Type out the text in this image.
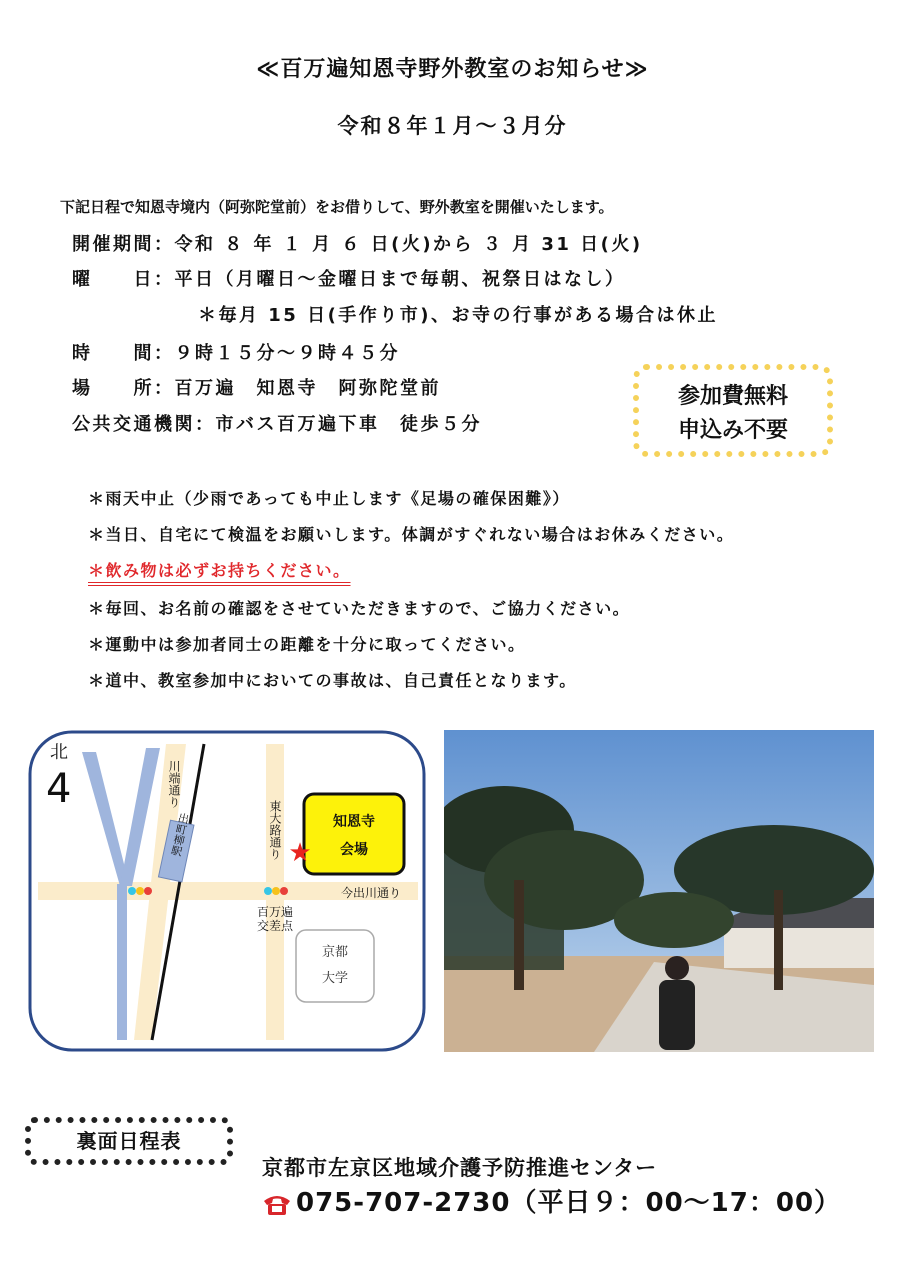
≪百万遍知恩寺野外教室のお知らせ≫
令和８年１月～３月分
下記日程で知恩寺境内（阿弥陀堂前）をお借りして、野外教室を開催いたします。
開催期間：令和 ８ 年 １ 月 ６ 日(火)から ３ 月 31 日(火)
曜　　日：平日（月曜日～金曜日まで毎朝、祝祭日はなし）
＊毎月 15 日(手作り市)、お寺の行事がある場合は休止
時　　間：９時１５分～９時４５分
場　　所：百万遍　知恩寺　阿弥陀堂前
公共交通機関：市バス百万遍下車　徒歩５分
参加費無料
申込み不要
＊雨天中止（少雨であっても中止します《足場の確保困難》）
＊当日、自宅にて検温をお願いします。体調がすぐれない場合はお休みください。
＊飲み物は必ずお持ちください。
＊毎回、お名前の確認をさせていただきますので、ご協力ください。
＊運動中は参加者同士の距離を十分に取ってください。
＊道中、教室参加中においての事故は、自己責任となります。
出町柳駅
北
4	川端通り
東大路通り
今出川通り
百万遍
交差点
知恩寺
会場
★
京都
大学
裏面日程表
京都市左京区地域介護予防推進センター
075-707-2730（平日９：00～17：00）
